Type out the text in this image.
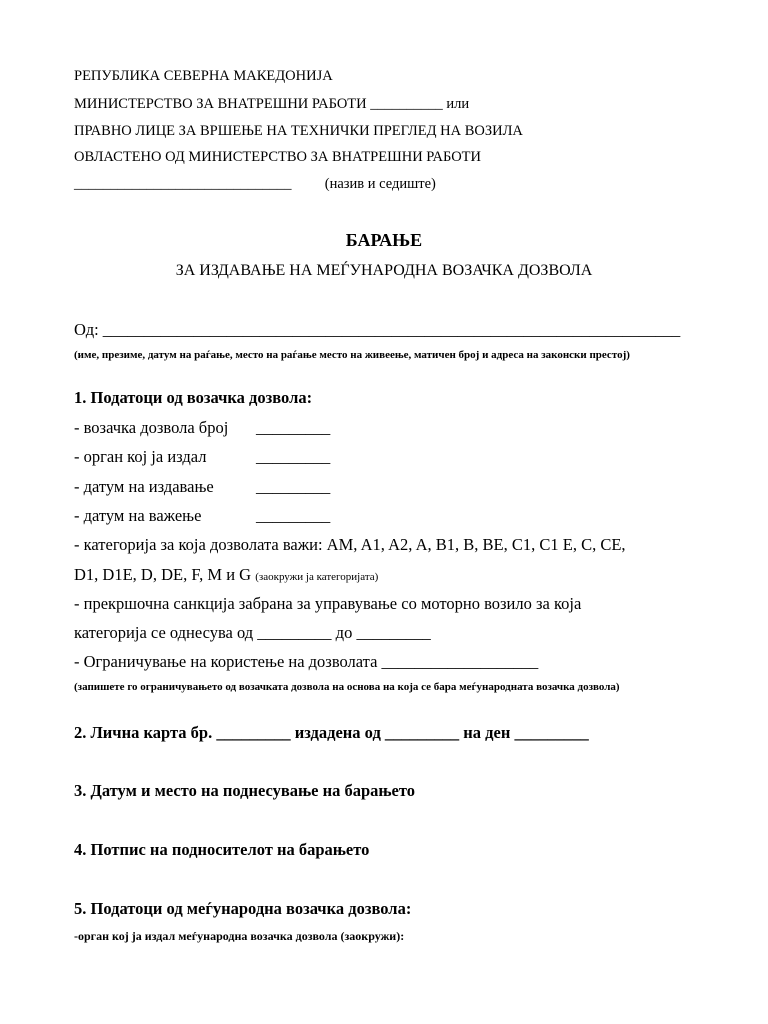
РЕПУБЛИКА СЕВЕРНА МАКЕДОНИЈА
МИНИСТЕРСТВО ЗА ВНАТРЕШНИ РАБОТИ __________ или
ПРАВНО ЛИЦЕ ЗА ВРШЕЊЕ НА ТЕХНИЧКИ ПРЕГЛЕД НА ВОЗИЛА
ОВЛАСТЕНО ОД МИНИСТЕРСТВО ЗА ВНАТРЕШНИ РАБОТИ
______________________________ (назив и седиште)
БАРАЊЕ
ЗА ИЗДАВАЊЕ НА МЕЃУНАРОДНА ВОЗАЧКА ДОЗВОЛА
Од: ______________________________________________________________________
(име, презиме, датум на раѓање, место на раѓање место на живеење, матичен број и адреса на законски престој)
1. Податоци од возачка дозвола:
- возачка дозвола број _________
- орган кој ја издал	_________
- датум на издавање	_________
- датум на важење	_________
- категорија за која дозволата важи: AM, A1, A2, A, B1, B, BE, C1, C1 E, C, CE,
D1, D1E, D, DE, F, M и G (заокружи ја категоријата)
- прекршочна санкција забрана за управување со моторно возило за која
категорија се однесува од _________ до _________
- Ограничување на користење на дозволата ___________________
(запишете го ограничувањето од возачката дозвола на основа на која се бара меѓународната возачка дозвола)
2. Лична карта бр. _________ издадена од _________ на ден _________
3. Датум и место на поднесување на барањето
4. Потпис на подносителот на барањето
5. Податоци од меѓународна возачка дозвола:
-орган кој ја издал меѓународна возачка дозвола (заокружи):
